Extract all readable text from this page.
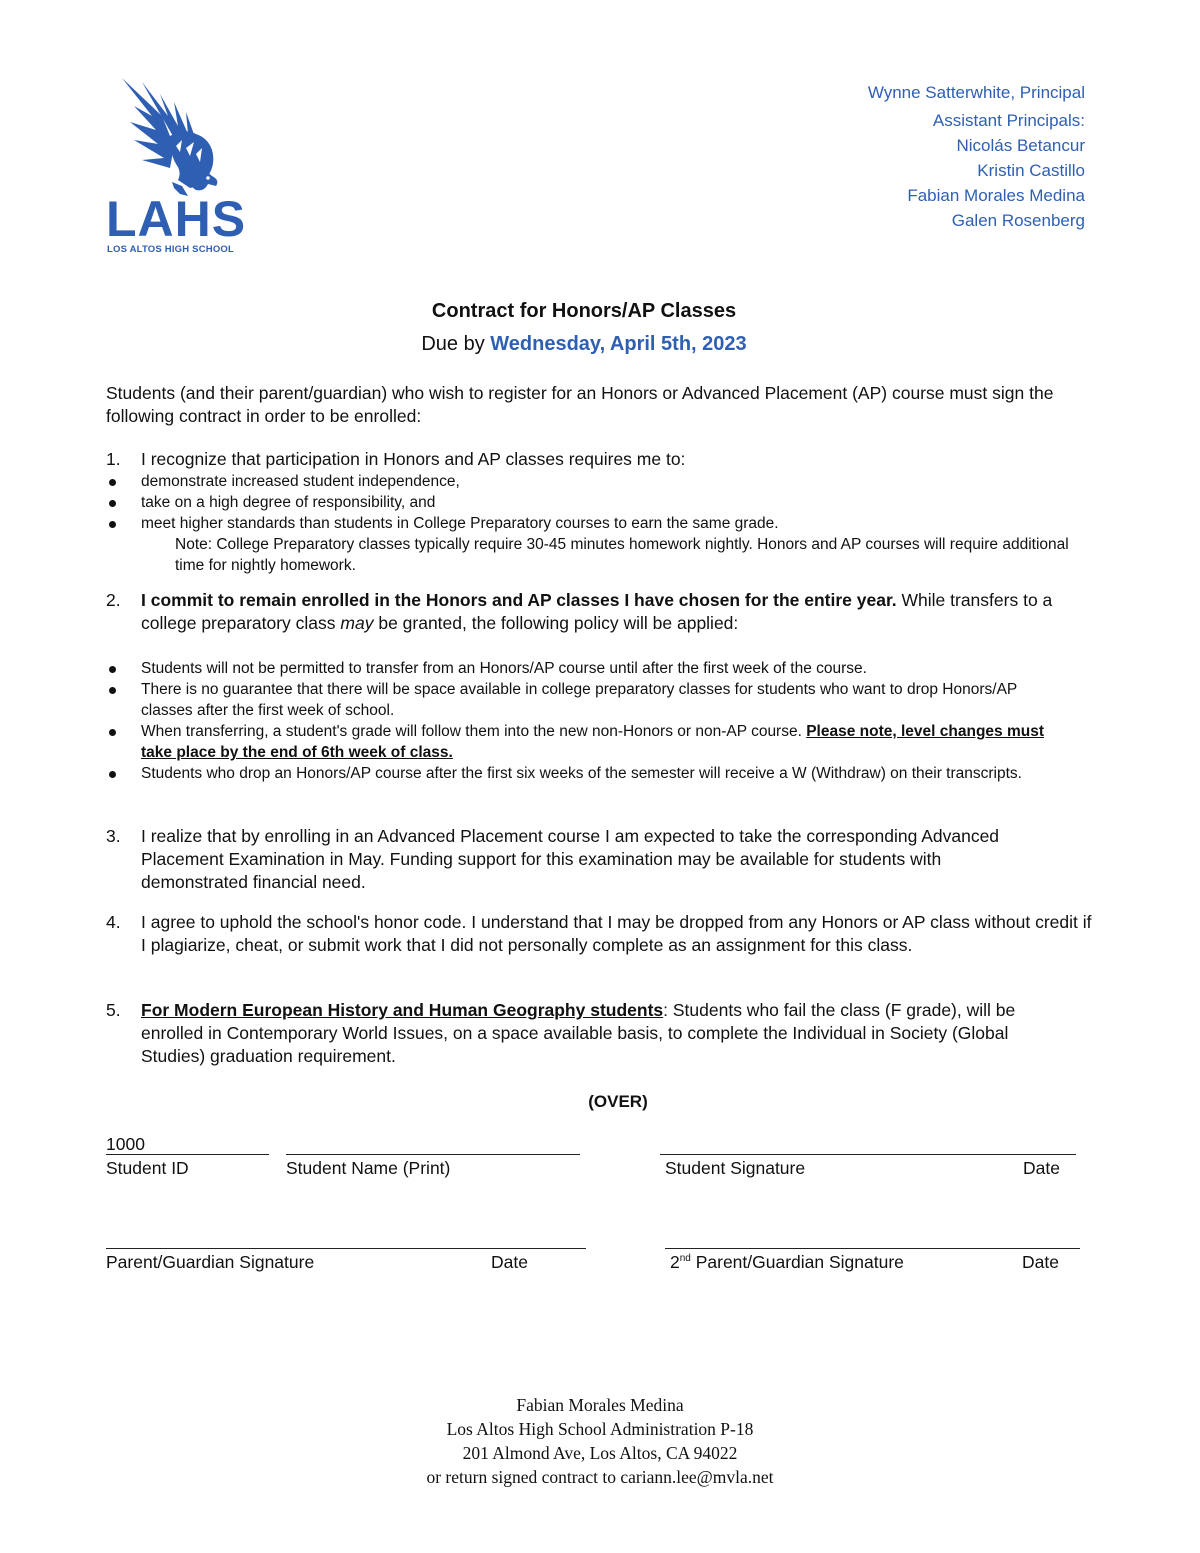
LAHS
LOS ALTOS HIGH SCHOOL
Wynne Satterwhite, Principal
Assistant Principals:
Nicolás Betancur
Kristin Castillo
Fabian Morales Medina
Galen Rosenberg
Contract for Honors/AP Classes
Due by Wednesday, April 5th, 2023
Students (and their parent/guardian) who wish to register for an Honors or Advanced Placement (AP) course must sign the following contract in order to be enrolled:
1. I recognize that participation in Honors and AP classes requires me to:
demonstrate increased student independence,
take on a high degree of responsibility, and
meet higher standards than students in College Preparatory courses to earn the same grade.
Note: College Preparatory classes typically require 30-45 minutes homework nightly. Honors and AP courses will require additional time for nightly homework.
2. I commit to remain enrolled in the Honors and AP classes I have chosen for the entire year. While transfers to a college preparatory class may be granted, the following policy will be applied:
Students will not be permitted to transfer from an Honors/AP course until after the first week of the course.
There is no guarantee that there will be space available in college preparatory classes for students who want to drop Honors/AP classes after the first week of school.
When transferring, a student's grade will follow them into the new non-Honors or non-AP course. Please note, level changes must take place by the end of 6th week of class.
Students who drop an Honors/AP course after the first six weeks of the semester will receive a W (Withdraw) on their transcripts.
3. I realize that by enrolling in an Advanced Placement course I am expected to take the corresponding Advanced Placement Examination in May. Funding support for this examination may be available for students with demonstrated financial need.
4. I agree to uphold the school's honor code. I understand that I may be dropped from any Honors or AP class without credit if I plagiarize, cheat, or submit work that I did not personally complete as an assignment for this class.
5. For Modern European History and Human Geography students: Students who fail the class (F grade), will be enrolled in Contemporary World Issues, on a space available basis, to complete the Individual in Society (Global Studies) graduation requirement.
(OVER)
1000
Student ID	Student Name (Print)	Student Signature	Date
Parent/Guardian Signature	Date	2nd Parent/Guardian Signature	Date
Fabian Morales Medina
Los Altos High School Administration P-18
201 Almond Ave, Los Altos, CA 94022
or return signed contract to cariann.lee@mvla.net
